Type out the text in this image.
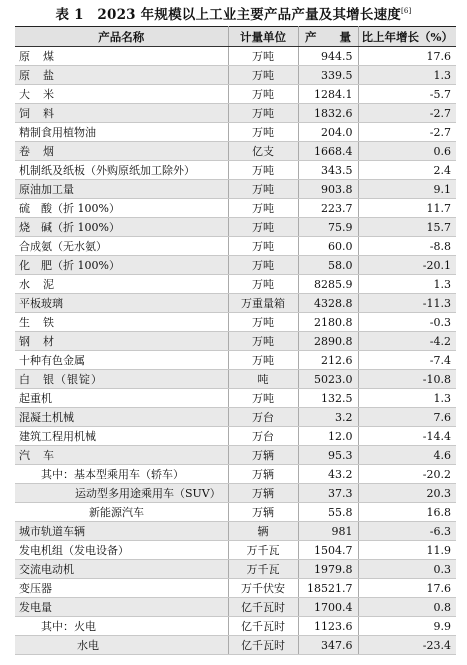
表 1　2023 年规模以上工业主要产品产量及其增长速度[6]
产品名称	计量单位	产　　量	比上年增长（%）
原　煤	万吨	944.5	17.6
原　盐	万吨	339.5	1.3
大　米	万吨	1284.1	-5.7
饲　料	万吨	1832.6	-2.7
精制食用植物油	万吨	204.0	-2.7
卷　烟	亿支	1668.4	0.6
机制纸及纸板（外购原纸加工除外）	万吨	343.5	2.4
原油加工量	万吨	903.8	9.1
硫　酸（折 100%）	万吨	223.7	11.7
烧　碱（折 100%）	万吨	75.9	15.7
合成氨（无水氨）	万吨	60.0	-8.8
化　肥（折 100%）	万吨	58.0	-20.1
水　泥	万吨	8285.9	1.3
平板玻璃	万重量箱	4328.8	-11.3
生　铁	万吨	2180.8	-0.3
钢　材	万吨	2890.8	-4.2
十种有色金属	万吨	212.6	-7.4
白　银（银锭）	吨	5023.0	-10.8
起重机	万吨	132.5	1.3
混凝土机械	万台	3.2	7.6
建筑工程用机械	万台	12.0	-14.4
汽　车	万辆	95.3	4.6
其中：基本型乘用车（轿车）	万辆	43.2	-20.2
运动型多用途乘用车（SUV）	万辆	37.3	20.3
新能源汽车	万辆	55.8	16.8
城市轨道车辆	辆	981	-6.3
发电机组（发电设备）	万千瓦	1504.7	11.9
交流电动机	万千瓦	1979.8	0.3
变压器	万千伏安	18521.7	17.6
发电量	亿千瓦时	1700.4	0.8
其中：火电	亿千瓦时	1123.6	9.9
水电	亿千瓦时	347.6	-23.4
